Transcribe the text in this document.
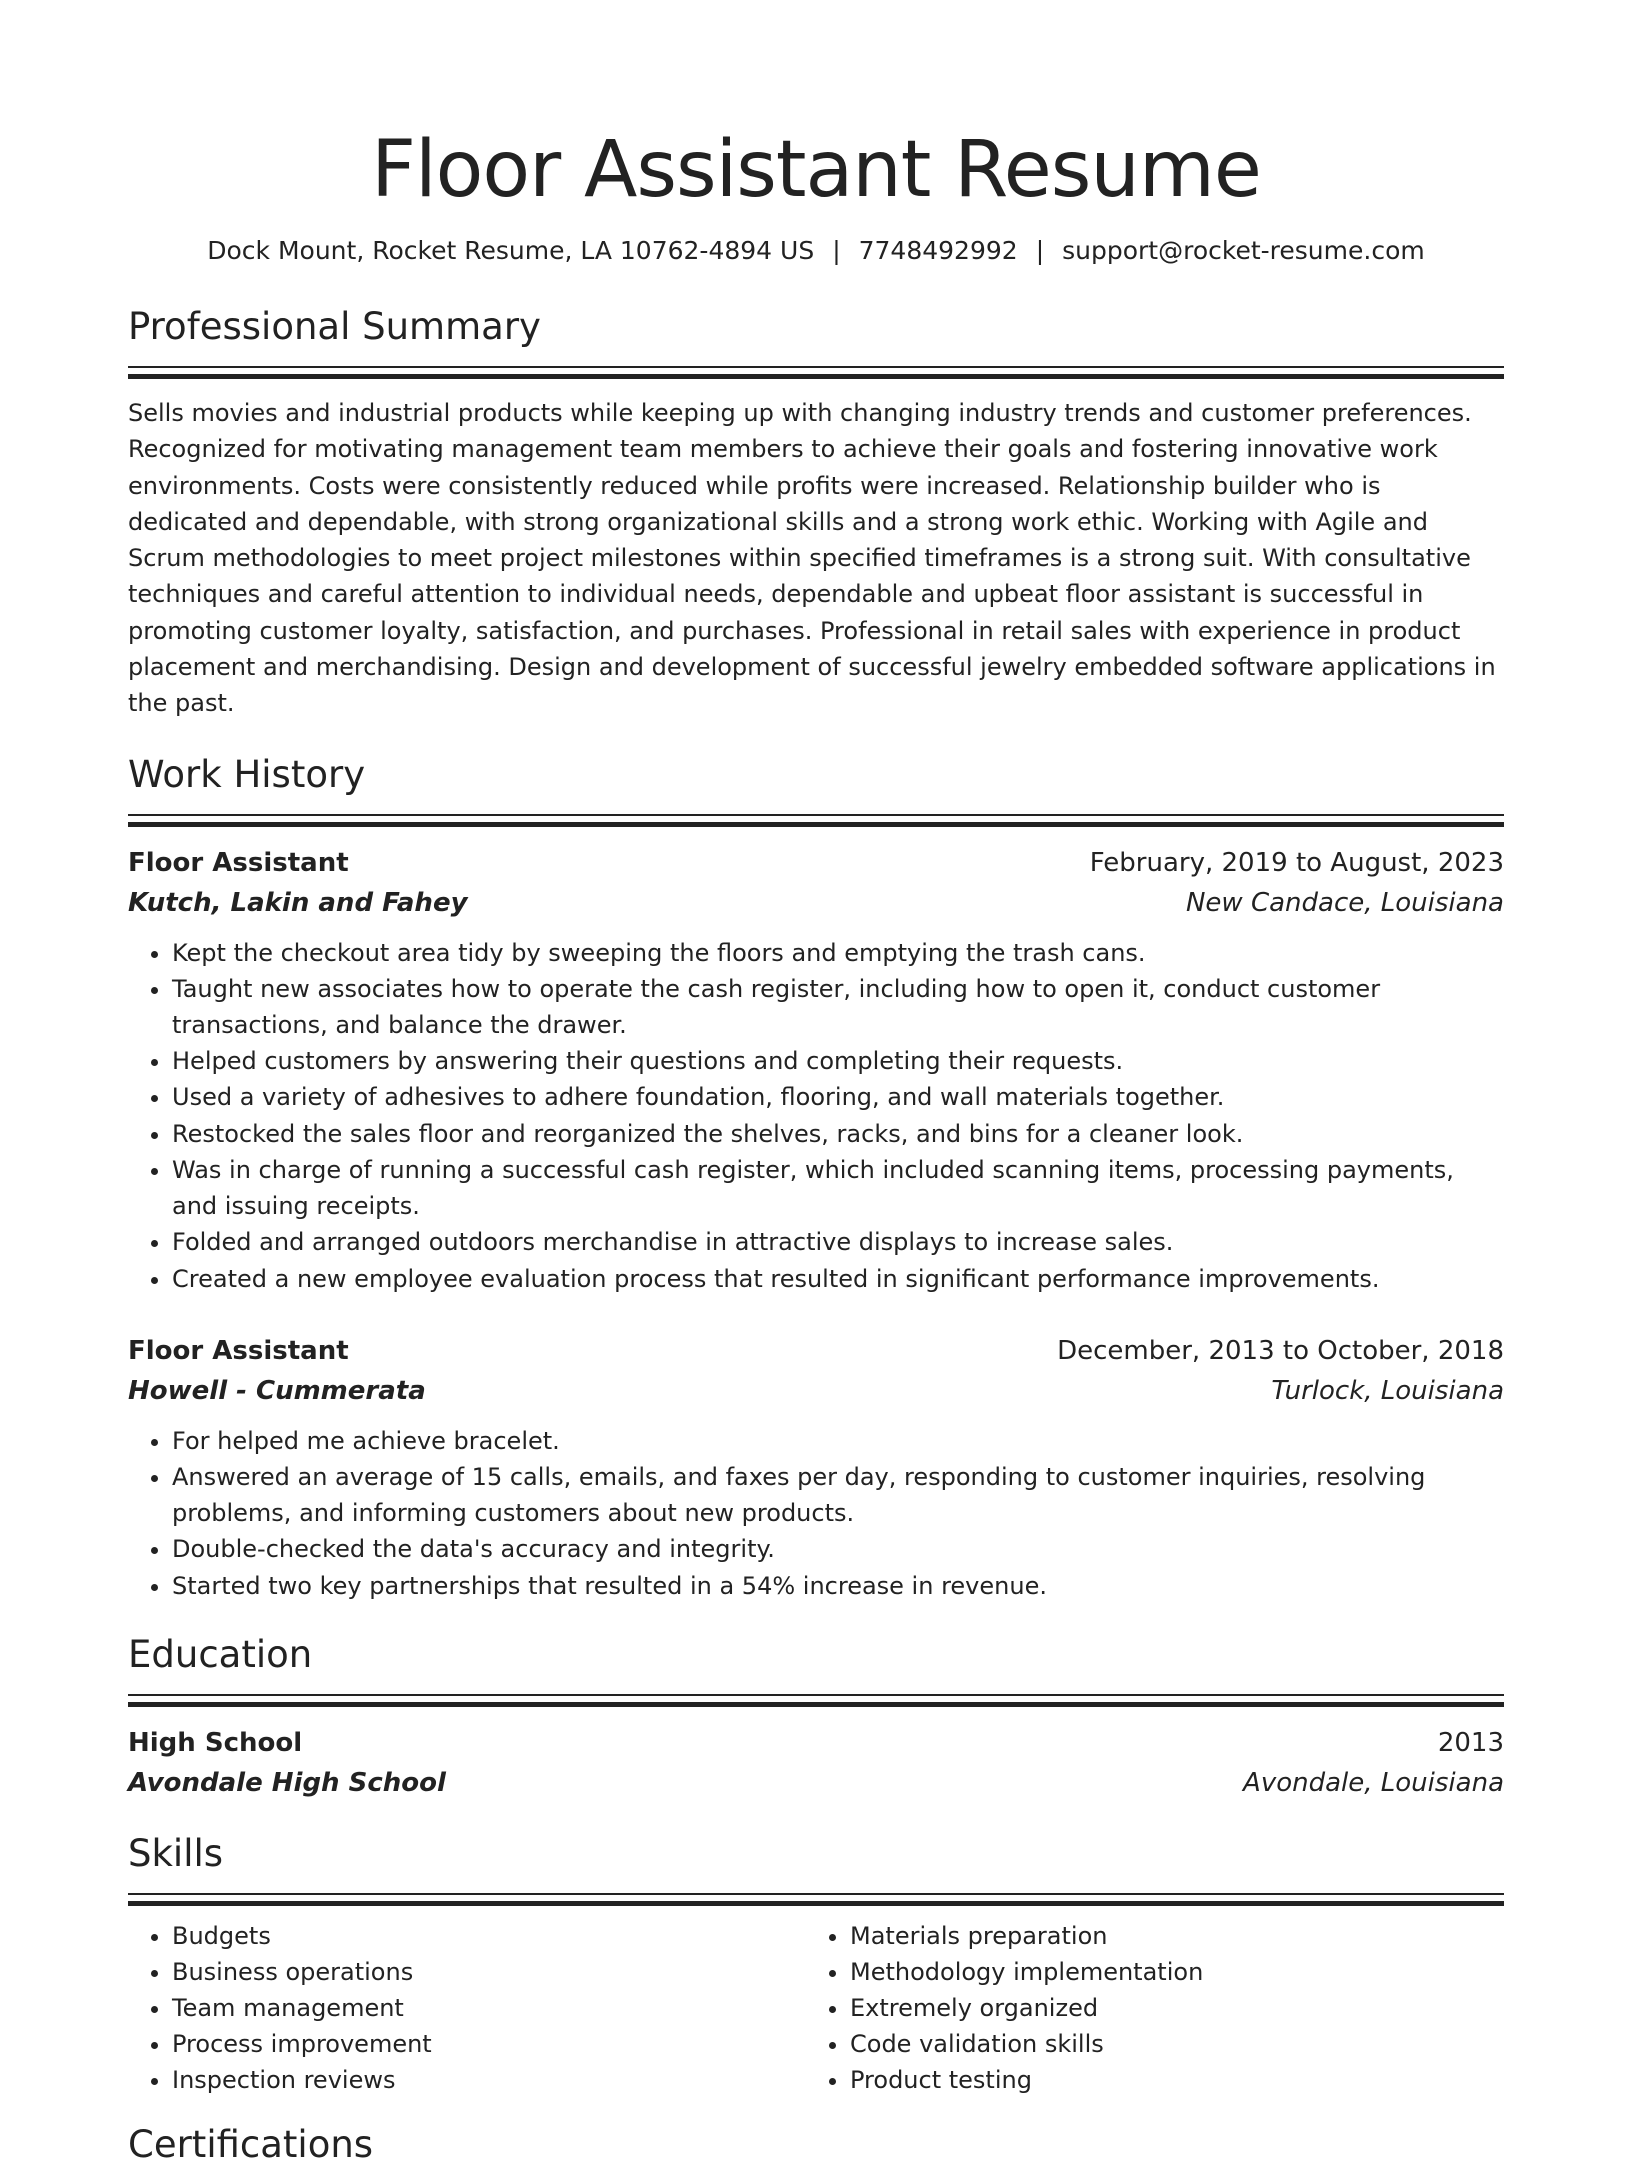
Floor Assistant Resume
Dock Mount, Rocket Resume, LA 10762-4894 US | 7748492992 | support@rocket-resume.com
Professional Summary

Sells movies and industrial products while keeping up with changing industry trends and customer preferences. Recognized for motivating management team members to achieve their goals and fostering innovative work environments. Costs were consistently reduced while profits were increased. Relationship builder who is dedicated and dependable, with strong organizational skills and a strong work ethic. Working with Agile and Scrum methodologies to meet project milestones within specified timeframes is a strong suit. With consultative techniques and careful attention to individual needs, dependable and upbeat floor assistant is successful in promoting customer loyalty, satisfaction, and purchases. Professional in retail sales with experience in product placement and merchandising. Design and development of successful jewelry embedded software applications in the past.

Work History
Floor Assistant	February, 2019 to August, 2023
Kutch, Lakin and Fahey	New Candace, Louisiana
• Kept the checkout area tidy by sweeping the floors and emptying the trash cans.
• Taught new associates how to operate the cash register, including how to open it, conduct customer transactions, and balance the drawer.
• Helped customers by answering their questions and completing their requests.
• Used a variety of adhesives to adhere foundation, flooring, and wall materials together.
• Restocked the sales floor and reorganized the shelves, racks, and bins for a cleaner look.
• Was in charge of running a successful cash register, which included scanning items, processing payments, and issuing receipts.
• Folded and arranged outdoors merchandise in attractive displays to increase sales.
• Created a new employee evaluation process that resulted in significant performance improvements.
Floor Assistant	December, 2013 to October, 2018
Howell - Cummerata	Turlock, Louisiana
• For helped me achieve bracelet.
• Answered an average of 15 calls, emails, and faxes per day, responding to customer inquiries, resolving problems, and informing customers about new products.
• Double-checked the data's accuracy and integrity.
• Started two key partnerships that resulted in a 54% increase in revenue.
Education
High School	2013
Avondale High School	Avondale, Louisiana
Skills
• Budgets
• Business operations
• Team management
• Process improvement
• Inspection reviews
• Materials preparation
• Methodology implementation
• Extremely organized
• Code validation skills
• Product testing
Certifications
